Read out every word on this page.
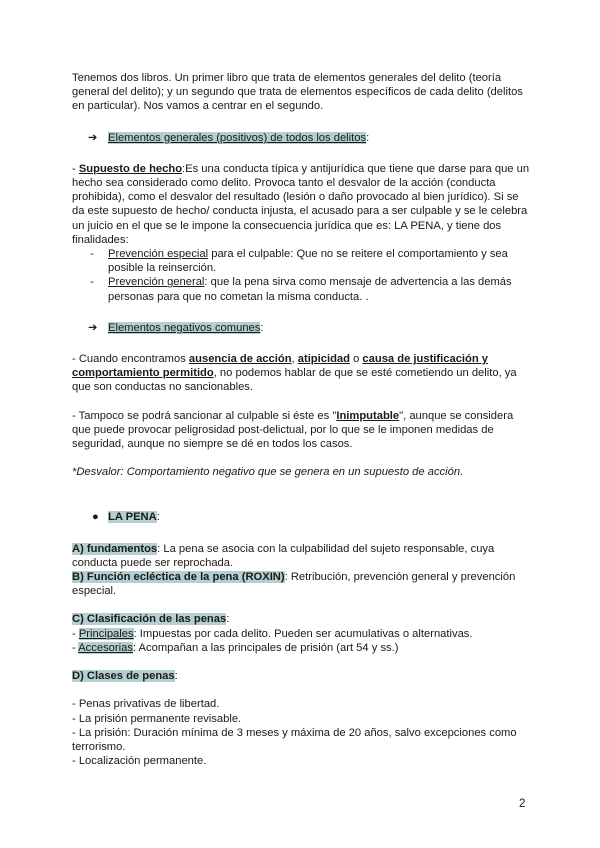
Tenemos dos libros. Un primer libro que trata de elementos generales del delito (teoría general del delito); y un segundo que trata de elementos específicos de cada delito (delitos en particular). Nos vamos a centrar en el segundo.

➔ Elementos generales (positivos) de todos los delitos:

- Supuesto de hecho:Es una conducta típica y antijurídica que tiene que darse para que un hecho sea considerado como delito. Provoca tanto el desvalor de la acción (conducta prohibida), como el desvalor del resultado (lesión o daño provocado al bien jurídico). Si se da este supuesto de hecho/ conducta injusta, el acusado para a ser culpable y se le celebra un juicio en el que se le impone la consecuencia jurídica que es: LA PENA, y tiene dos finalidades:

- Prevención especial para el culpable: Que no se reitere el comportamiento y sea posible la reinserción.
- Prevención general: que la pena sirva como mensaje de advertencia a las demás personas para que no cometan la misma conducta. .

➔ Elementos negativos comunes:

- Cuando encontramos ausencia de acción, atipicidad o causa de justificación y comportamiento permitido, no podemos hablar de que se esté cometiendo un delito, ya que son conductas no sancionables.

- Tampoco se podrá sancionar al culpable si éste es "Inimputable", aunque se considera que puede provocar peligrosidad post-delictual, por lo que se le imponen medidas de seguridad, aunque no siempre se dé en todos los casos.

*Desvalor: Comportamiento negativo que se genera en un supuesto de acción.

● LA PENA:

A) fundamentos: La pena se asocia con la culpabilidad del sujeto responsable, cuya conducta puede ser reprochada.

B) Función ecléctica de la pena (ROXIN): Retribución, prevención general y prevención especial.

C) Clasificación de las penas:

- Principales: Impuestas por cada delito. Pueden ser acumulativas o alternativas.

- Accesorias: Acompañan a las principales de prisión (art 54 y ss.)

D) Clases de penas:

- Penas privativas de libertad.

- La prisión permanente revisable.

- La prisión: Duración mínima de 3 meses y máxima de 20 años, salvo excepciones como terrorismo.

- Localización permanente.

2
